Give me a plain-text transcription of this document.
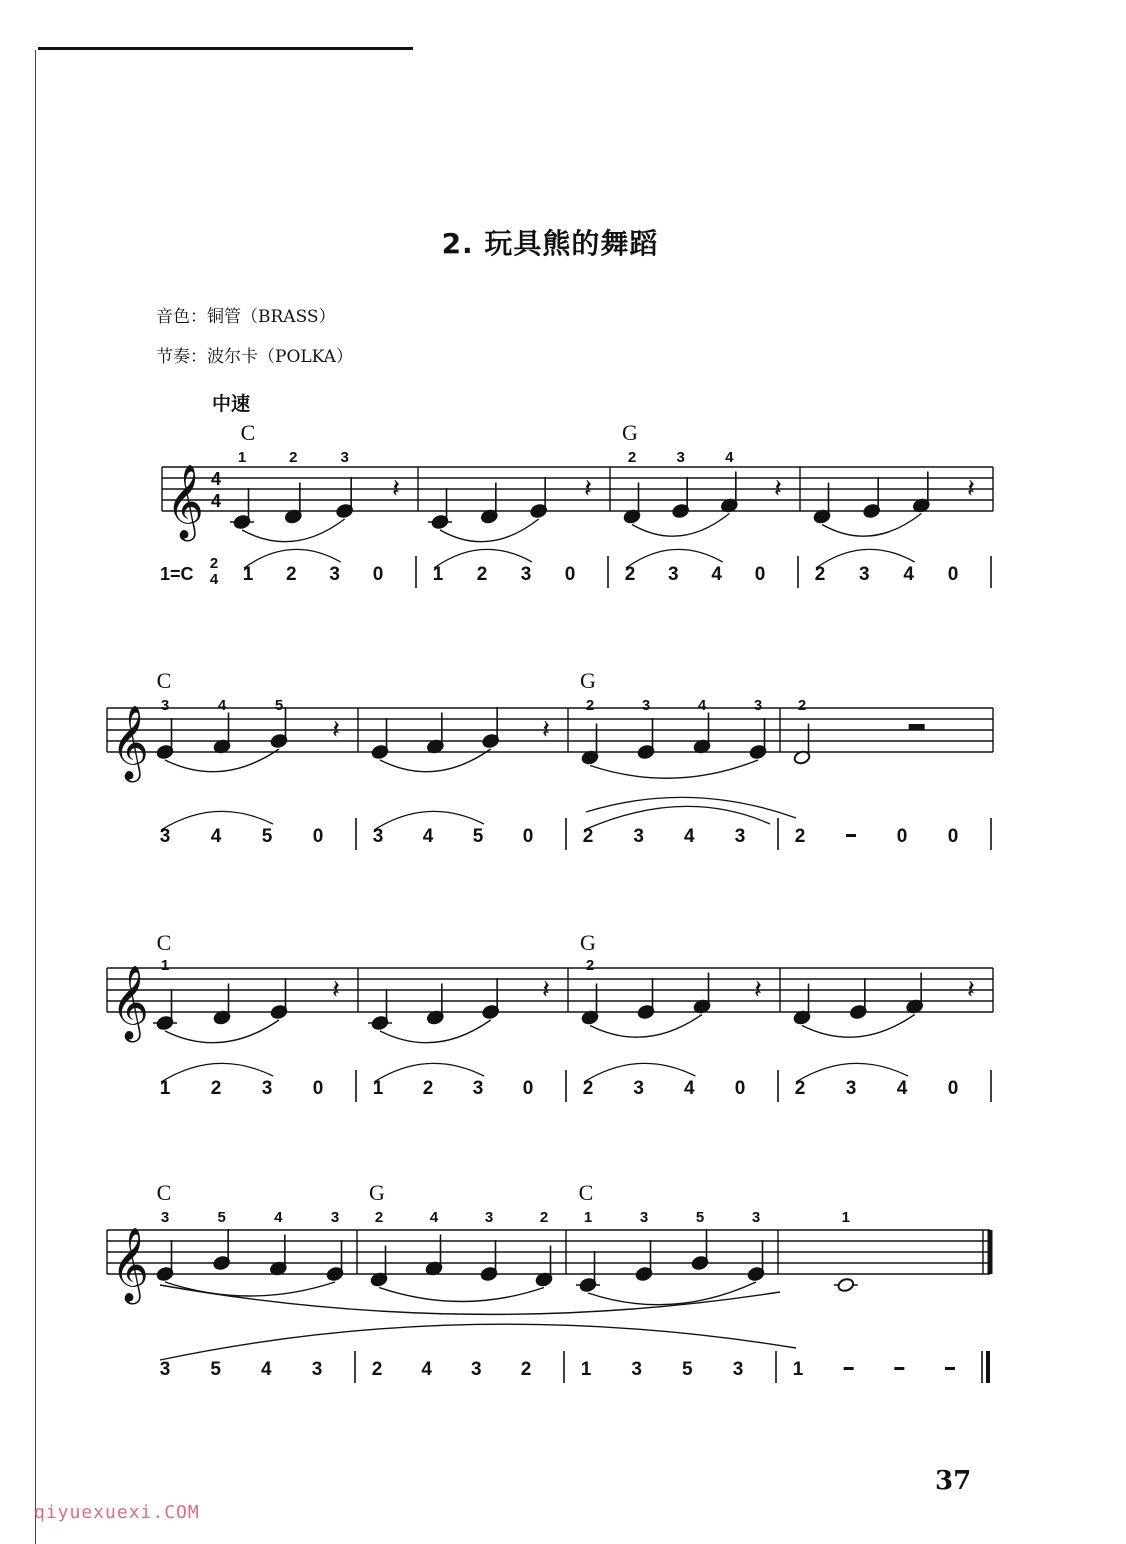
2. 玩具熊的舞蹈
音色：铜管（BRASS）
节奏：波尔卡（POLKA）
中速
𝄞 4
4
C
1	2	3
𝄽
1 2 3 0
𝄽
1 2 3 0
G
2	3	4
𝄽
2 3 4 0
𝄽
2 3 4 0
1=C
2
4
𝄞
C
3	4	5
𝄽
3 4 5 0
𝄽
3 4 5 0
G
2	3	4	3
2 3 4 3
2
2	0 0
𝄞
C
1
𝄽
1 2 3 0
𝄽
1 2 3 0
G
2
𝄽
2 3 4 0
𝄽
2 3 4 0
𝄞
C
3	5	4	3
3 5 4 3
G
2	4	3	2
2 4 3 2
C
1	3	5	3
1 3 5 3
1
1
37
qiyuexuexi.COM
